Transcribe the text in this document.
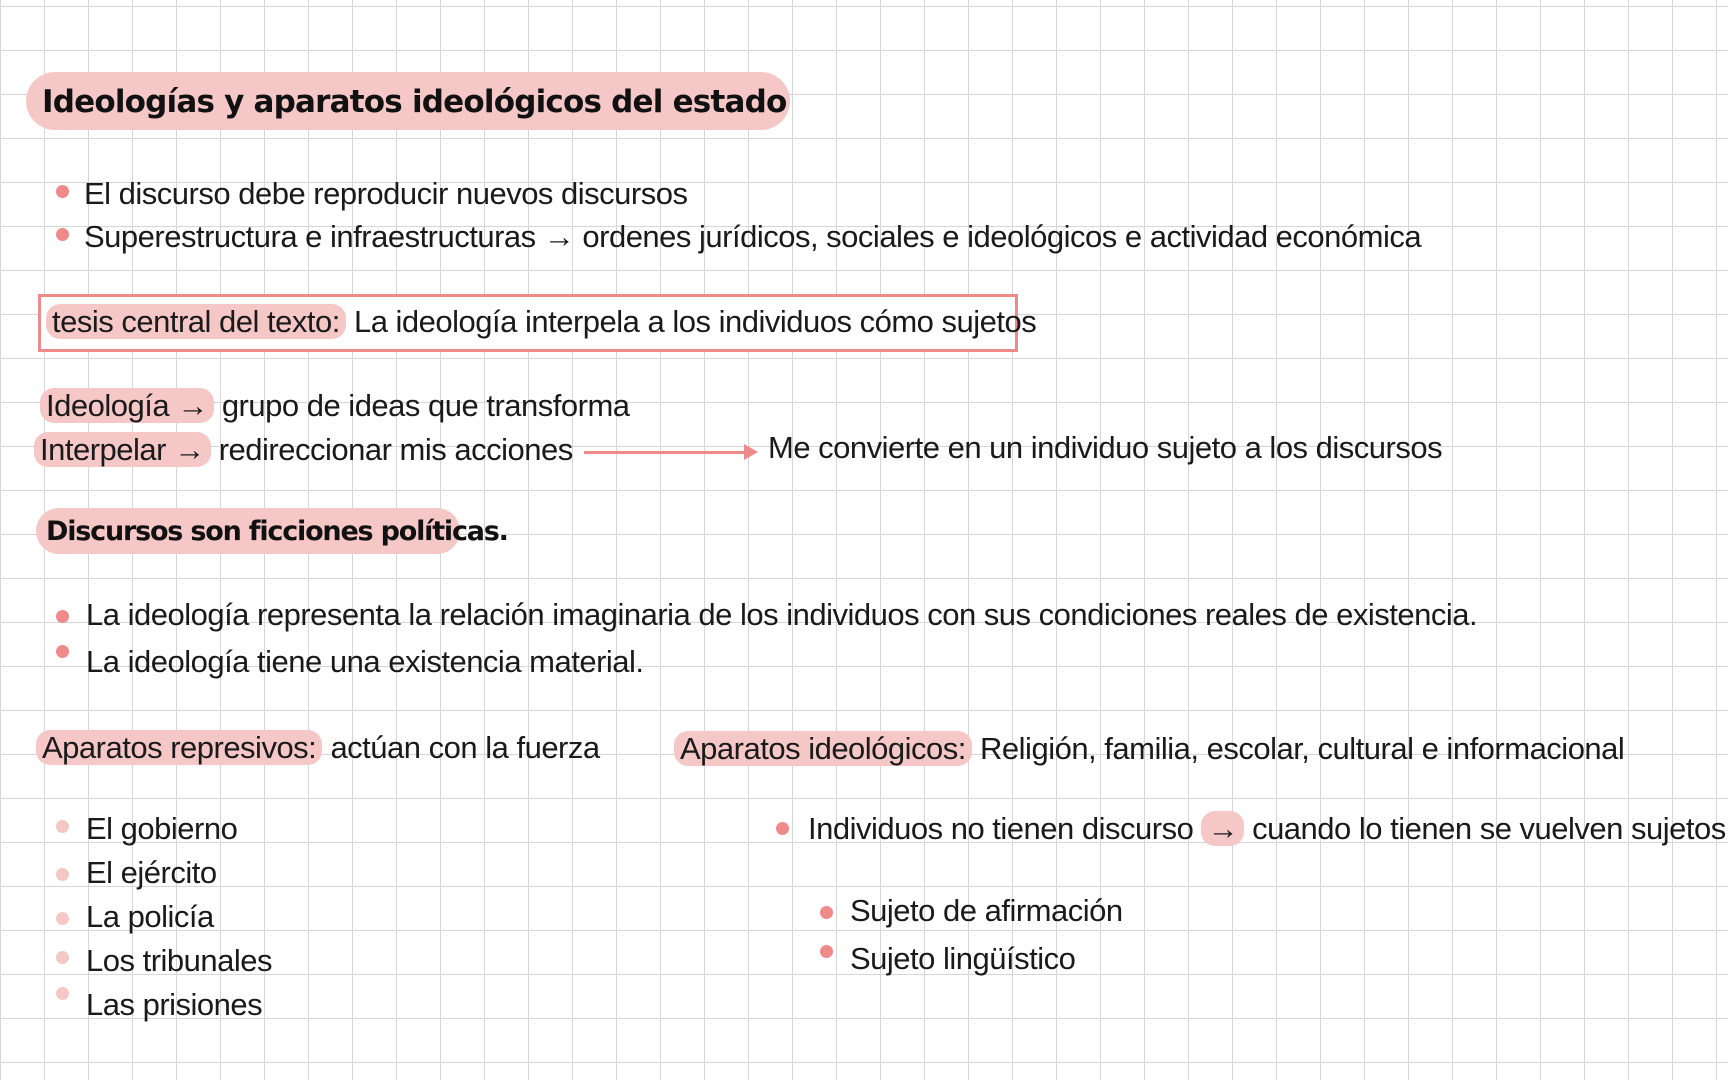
Ideologías y aparatos ideológicos del estado
El discurso debe reproducir nuevos discursos
Superestructura e infraestructuras → ordenes jurídicos, sociales e ideológicos e actividad económica
tesis central del texto: La ideología interpela a los individuos cómo sujetos
Ideología → grupo de ideas que transforma
Interpelar → redireccionar mis acciones	Me convierte en un individuo sujeto a los discursos
Discursos son ficciones políticas.
La ideología representa la relación imaginaria de los individuos con sus condiciones reales de existencia.
La ideología tiene una existencia material.
Aparatos represivos: actúan con la fuerza
El gobierno
El ejército
La policía
Los tribunales
Las prisiones
Aparatos ideológicos: Religión, familia, escolar, cultural e informacional
Individuos no tienen discurso → cuando lo tienen se vuelven sujetos
Sujeto de afirmación
Sujeto lingüístico
